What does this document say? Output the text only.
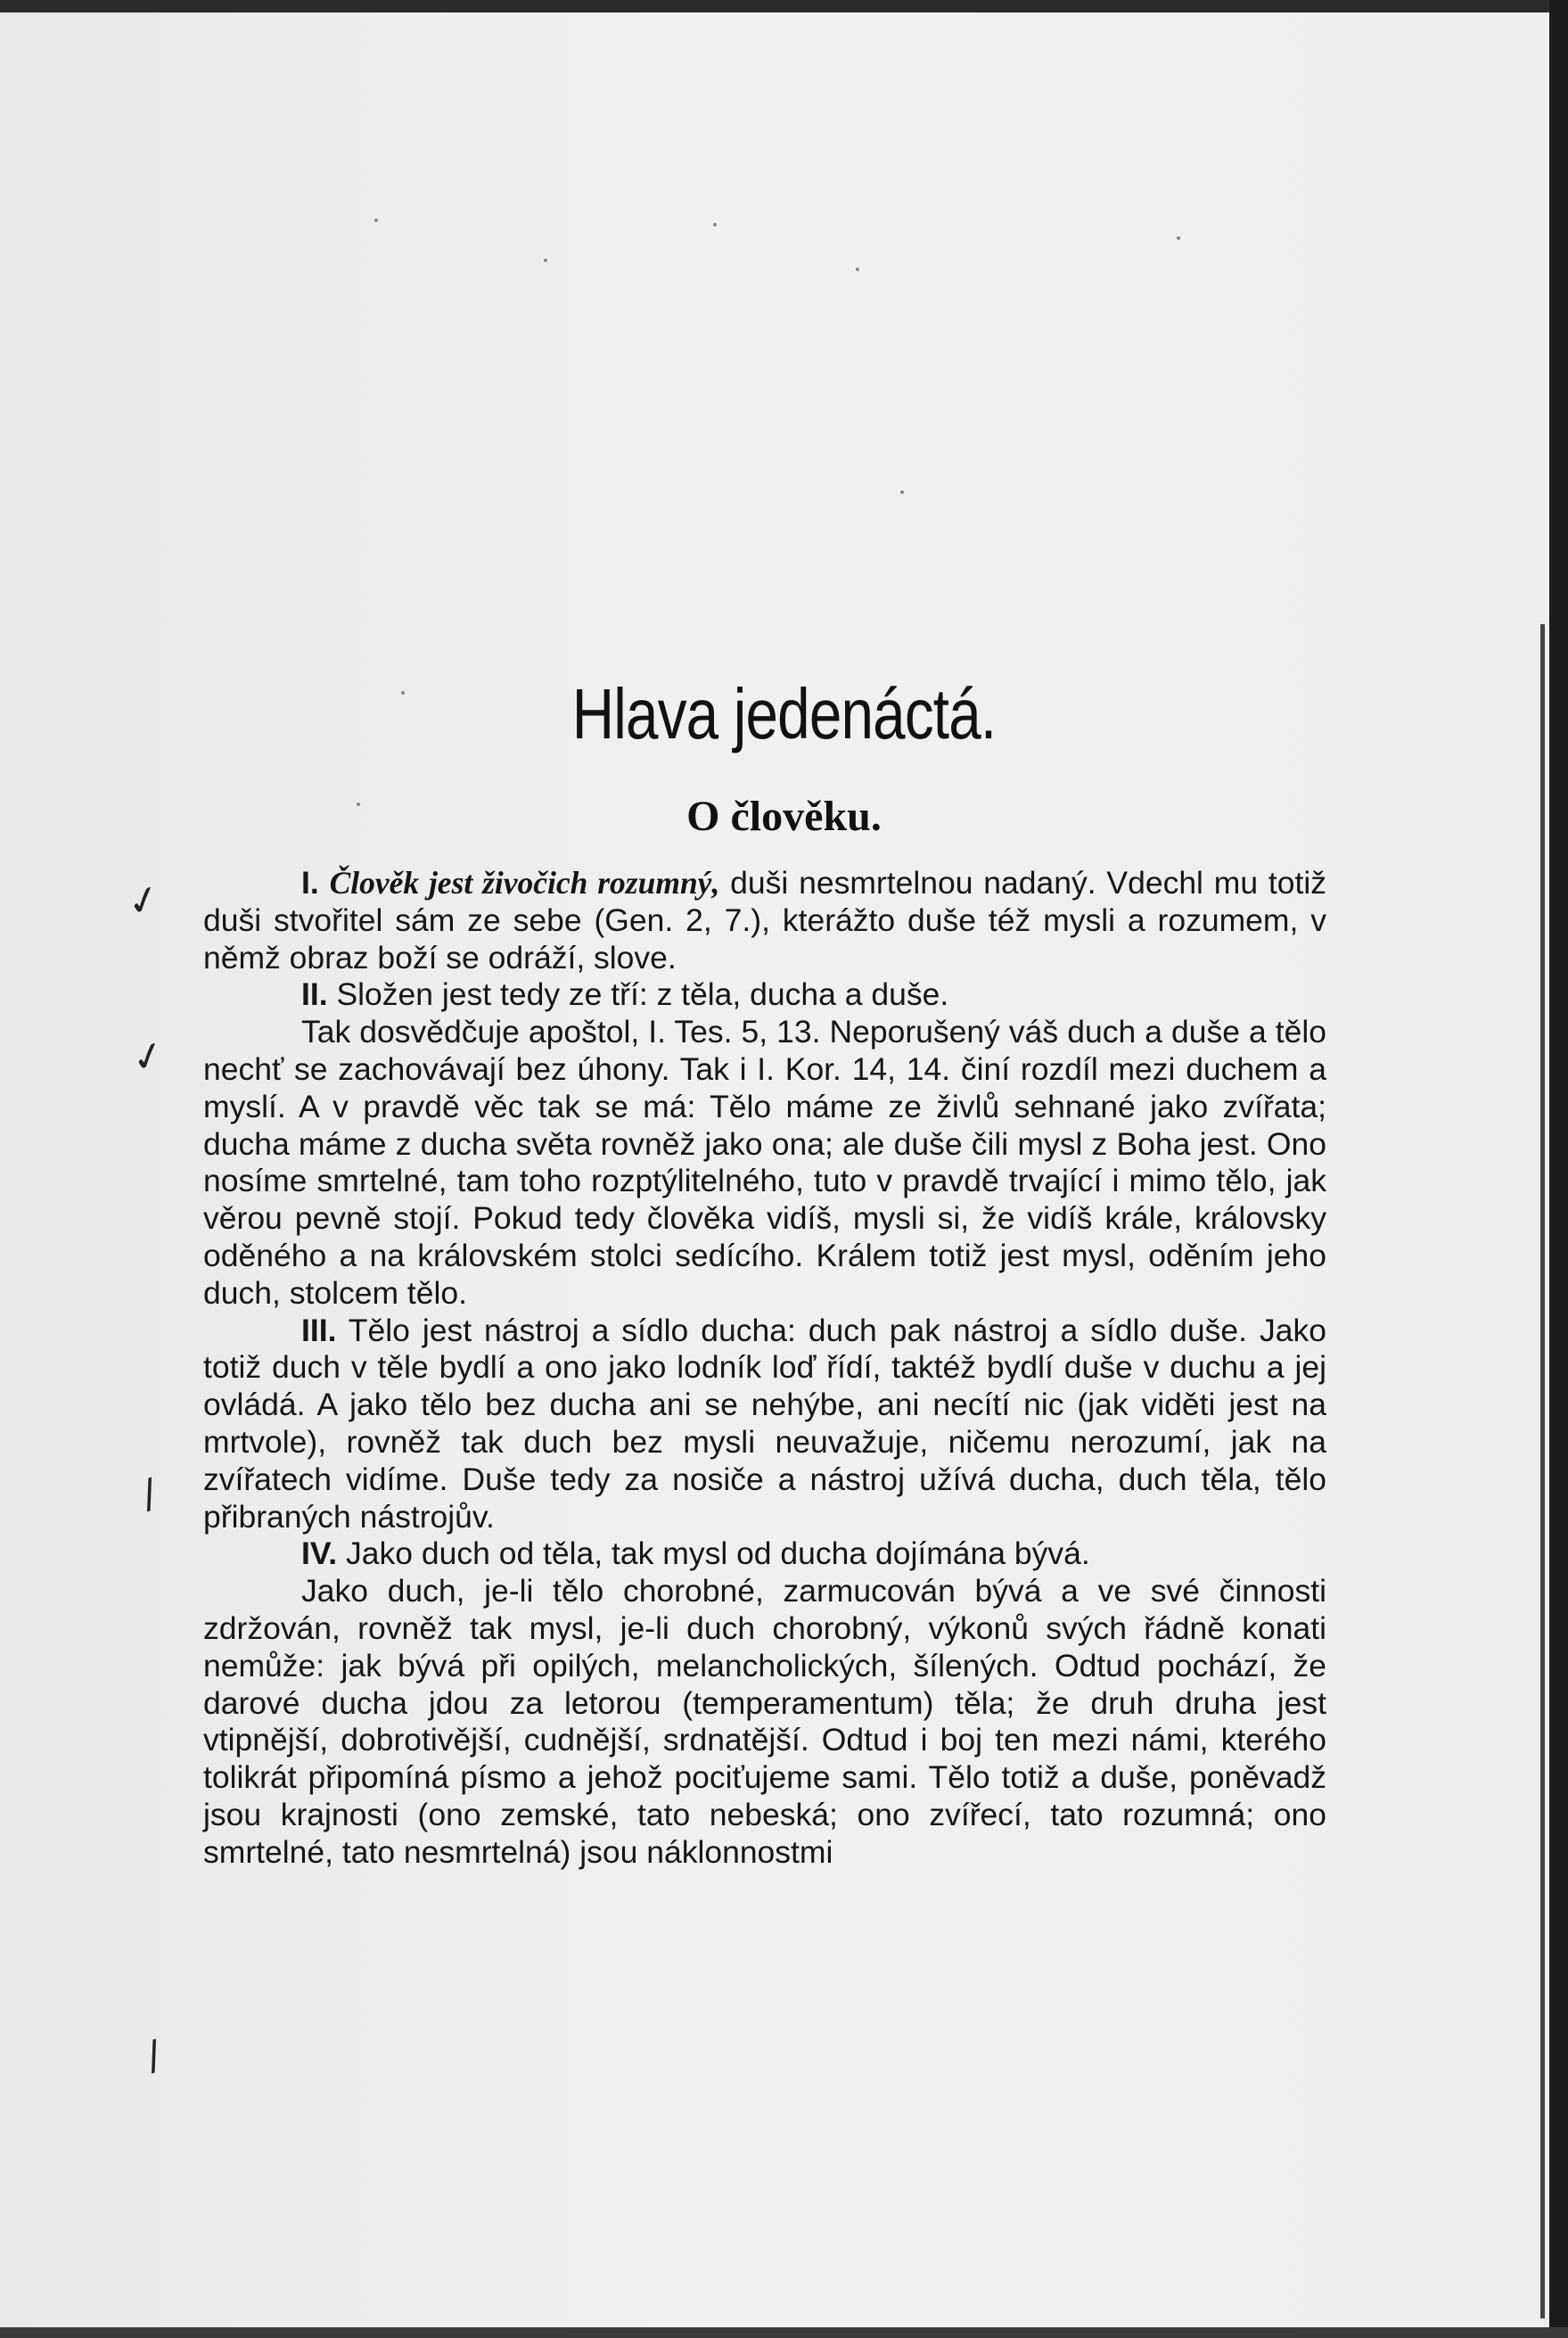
Hlava jedenáctá.
O člověku.
✓
✓
/
/

I. Člověk jest živočich rozumný, duši nesmrtelnou nadaný. Vdechl mu totiž duši stvořitel sám ze sebe (Gen. 2, 7.), kterážto duše též mysli a rozumem, v němž obraz boží se odráží, slove.

II. Složen jest tedy ze tří: z těla, ducha a duše.

Tak dosvědčuje apoštol, I. Tes. 5, 13. Neporušený váš duch a duše a tělo nechť se zachovávají bez úhony. Tak i I. Kor. 14, 14. činí rozdíl mezi duchem a myslí. A v pravdě věc tak se má: Tělo máme ze živlů sehnané jako zvířata; ducha máme z ducha světa rovněž jako ona; ale duše čili mysl z Boha jest. Ono nosíme smrtelné, tam toho rozptýlitelného, tuto v pravdě trvající i mimo tělo, jak věrou pevně stojí. Pokud tedy člověka vidíš, mysli si, že vidíš krále, královsky oděného a na královském stolci sedícího. Králem totiž jest mysl, oděním jeho duch, stolcem tělo.

III. Tělo jest nástroj a sídlo ducha: duch pak nástroj a sídlo duše. Jako totiž duch v těle bydlí a ono jako lodník loď řídí, taktéž bydlí duše v duchu a jej ovládá. A jako tělo bez ducha ani se nehýbe, ani necítí nic (jak viděti jest na mrtvole), rovněž tak duch bez mysli neuvažuje, ničemu nerozumí, jak na zvířatech vidíme. Duše tedy za nosiče a nástroj užívá ducha, duch těla, tělo přibraných nástrojův.

IV. Jako duch od těla, tak mysl od ducha dojímána bývá.

Jako duch, je-li tělo chorobné, zarmucován bývá a ve své činnosti zdržován, rovněž tak mysl, je-li duch chorobný, výkonů svých řádně konati nemůže: jak bývá při opilých, melancholických, šílených. Odtud pochází, že darové ducha jdou za letorou (temperamentum) těla; že druh druha jest vtipnější, dobrotivější, cudnější, srdnatější. Odtud i boj ten mezi námi, kterého tolikrát připomíná písmo a jehož pociťujeme sami. Tělo totiž a duše, poněvadž jsou krajnosti (ono zemské, tato nebeská; ono zvířecí, tato rozumná; ono smrtelné, tato nesmrtelná) jsou náklonnostmi
